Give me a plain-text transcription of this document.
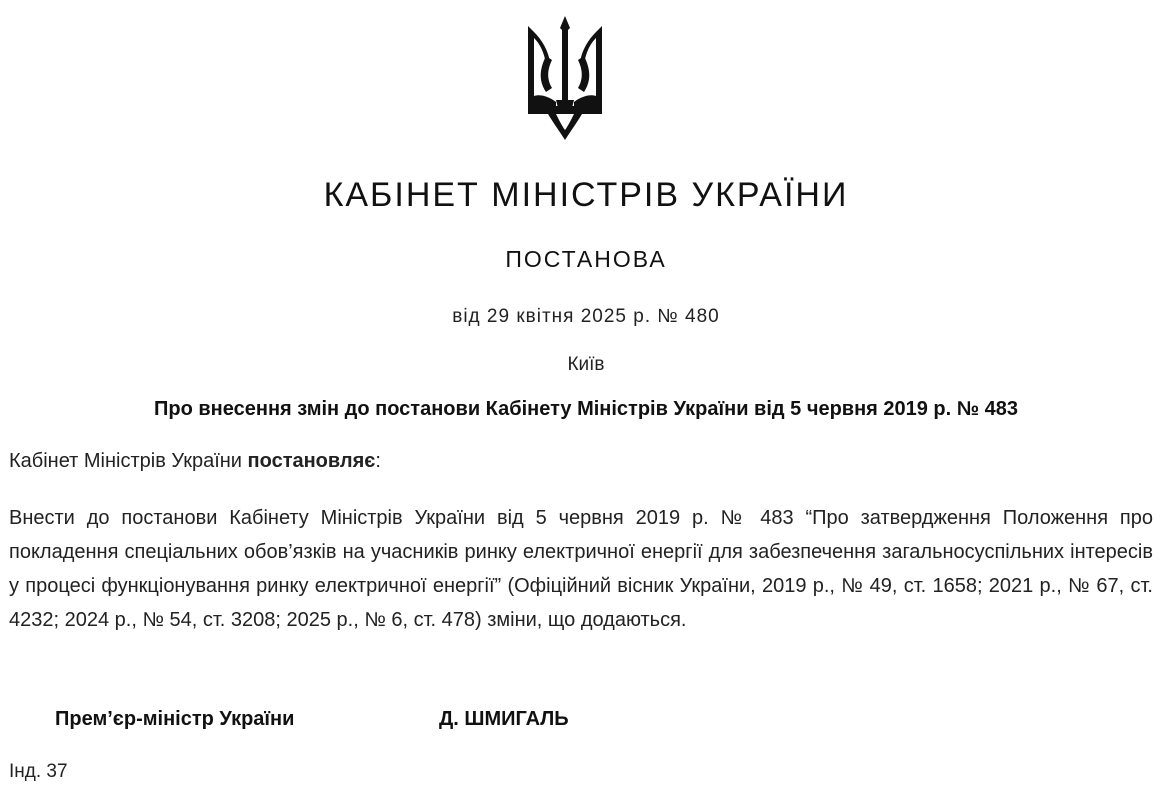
КАБІНЕТ МІНІСТРІВ УКРАЇНИ
ПОСТАНОВА
від 29 квітня 2025 р. № 480
Київ
Про внесення змін до постанови Кабінету Міністрів України від 5 червня 2019 р. № 483

Кабінет Міністрів України постановляє:

Внести до постанови Кабінету Міністрів України від 5 червня 2019 р. № 483 “Про затвердження Положення про покладення спеціальних обов’язків на учасників ринку електричної енергії для забезпечення загальносуспільних інтересів у процесі функціонування ринку електричної енергії” (Офіційний вісник України, 2019 р., № 49, ст. 1658; 2021 р., № 67, ст. 4232; 2024 р., № 54, ст. 3208; 2025 р., № 6, ст. 478) зміни, що додаються.

Прем’єр-міністр України	Д. ШМИГАЛЬ
Інд. 37
